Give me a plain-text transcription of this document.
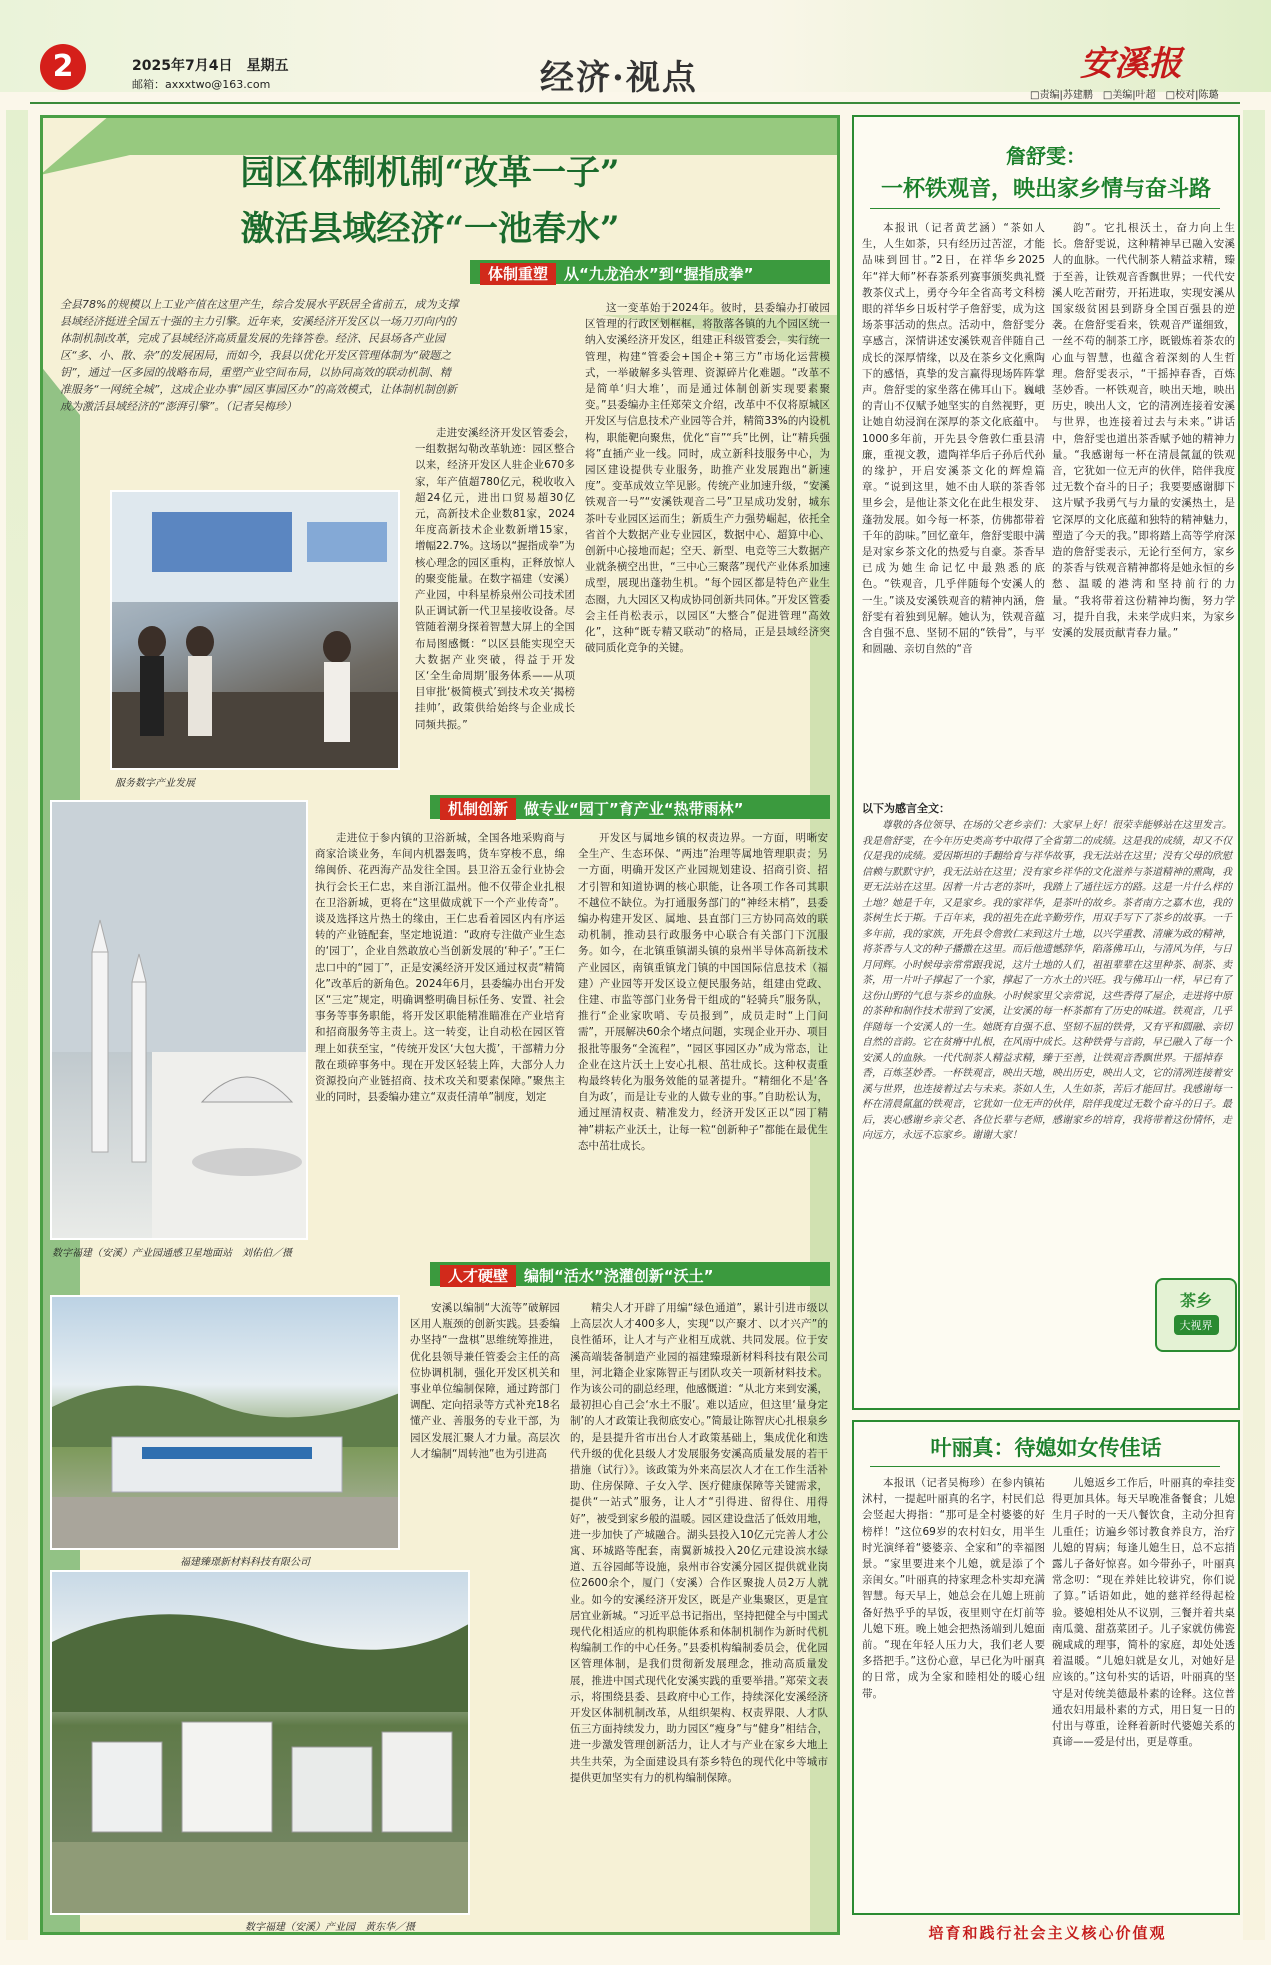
2	2025年7月4日　星期五
邮箱：axxxtwo@163.com	经济·视点	安溪报
□责编|苏建鹏　□美编|叶超　□校对|陈璐
园区体制机制“改革一子”
激活县域经济“一池春水”
全县78%的规模以上工业产值在这里产生，综合发展水平跃居全省前五，成为支撑县域经济挺进全国五十强的主力引擎。近年来，安溪经济开发区以一场刀刃向内的体制机制改革，完成了县域经济高质量发展的先锋答卷。经济、民县场各产业园区“多、小、散、杂”的发展困局，而如今，我县以优化开发区管理体制为“破题之钥”，通过一区多园的战略布局，重塑产业空间布局，以协同高效的联动机制、精准服务“一网统全城”，这成企业办事“园区事园区办”的高效模式，让体制机制创新成为激活县域经济的“澎湃引擎”。（记者吴梅珍）
体制重塑 从“九龙治水”到“握指成拳”
服务数字产业发展

走进安溪经济开发区管委会，一组数据勾勒改革轨迹：园区整合以来，经济开发区人驻企业670多家，年产值超780亿元，税收收入超24亿元，进出口贸易超30亿元，高新技术企业数81家，2024年度高新技术企业数新增15家，增幅22.7%。这场以“握指成拳”为核心理念的园区重构，正释放惊人的聚变能量。在数字福建（安溪）产业园，中科星桥泉州公司技术团队正调试新一代卫星接收设备。尽管随着潮身探着智慧大屏上的全国布局图感慨：“以区县能实现空天大数据产业突破，得益于开发区‘全生命周期’服务体系——从项目审批‘极简模式’到技术攻关‘揭榜挂帅’，政策供给始终与企业成长同频共振。”

这一变革始于2024年。彼时，县委编办打破园区管理的行政区划框框，将散落各镇的九个园区统一纳入安溪经济开发区，组建正科级管委会，实行统一管理，构建“管委会+国企+第三方”市场化运营模式，一举破解多头管理、资源碎片化难题。“改革不是简单‘归大堆’，而是通过体制创新实现要素聚变。”县委编办主任郑荣文介绍，改革中不仅将原城区开发区与信息技术产业园等合并，精简33%的内设机构，职能靶向聚焦，优化“盲”“兵”比例，让“精兵强将”直插产业一线。同时，成立新科技服务中心，为园区建设提供专业服务，助推产业发展跑出“新速度”。变革成效立竿见影。传统产业加速升级，“安溪铁观音一号”“安溪铁观音二号”卫星成功发射，城东茶叶专业园区运而生；新质生产力强势崛起，依托全省首个大数据产业专业园区，数据中心、超算中心、创新中心接地而起；空天、新型、电竞等三大数据产业就条横空出世，“三中心三聚落”现代产业体系加速成型，展现出蓬勃生机。“每个园区都是特色产业生态圈，九大园区又构成协同创新共同体。”开发区管委会主任肖松表示，以园区“大整合”促进管理“高效化”，这种“既专精又联动”的格局，正是县域经济突破同质化竞争的关键。

机制创新 做专业“园丁”育产业“热带雨林”
数字福建（安溪）产业园通感卫星地面站　刘佑伯／摄

走进位于参内镇的卫浴新城，全国各地采购商与商家洽谈业务，车间内机器轰鸣，货车穿梭不息，绵绵闽侨、花西海产品发往全国。县卫浴五金行业协会执行会长王仁忠，来自浙江温州。他不仅带企业扎根在卫浴新城，更将在“这里做成就下一个产业传奇”。谈及选择这片热土的缘由，王仁忠看着园区内有序运转的产业链配套，坚定地说道：“政府专注做产业生态的‘园丁’，企业自然敢放心当创新发展的‘种子’。”王仁忠口中的“园丁”，正是安溪经济开发区通过权责“精简化”改革后的新角色。2024年6月，县委编办出台开发区“三定”规定，明确调整明确目标任务、安置、社会事务等事务职能，将开发区职能精准瞄准在产业培育和招商服务等主责上。这一转变，让自动松在园区管理上如获至宝，“传统开发区‘大包大揽’，干部精力分散在琐碎事务中。现在开发区轻装上阵，大部分人力资源投向产业链招商、技术攻关和要素保障。”聚焦主业的同时，县委编办建立“双责任清单”制度，划定

开发区与属地乡镇的权责边界。一方面，明晰安全生产、生态环保、“两违”治理等属地管理职责；另一方面，明确开发区产业园规划建设、招商引资、招才引智和知道协调的核心职能，让各项工作各司其职不越位不缺位。为打通服务部门的“神经末梢”，县委编办构建开发区、属地、县直部门三方协同高效的联动机制，推动县行政服务中心联合有关部门下沉服务。如今，在北镇重镇湖头镇的泉州半导体高新技术产业园区，南镇重镇龙门镇的中国国际信息技术（福建）产业园等开发区设立便民服务站，组建由党政、住建、市监等部门业务骨干组成的“轻骑兵”服务队，推行“企业家吹哨、专员报到”，成员走时“上门问需”，开展解决60余个堵点问题，实现企业开办、项目报批等服务“全流程”，“园区事园区办”成为常态，让企业在这片沃土上安心扎根、茁壮成长。这种权责重构最终转化为服务效能的显著提升。“精细化不是‘各自为政’，而是让专业的人做专业的事。”自助松认为，通过厘清权责、精准发力，经济开发区正以“园丁精神”耕耘产业沃土，让每一粒“创新种子”都能在最优生态中茁壮成长。

人才硬壁 编制“活水”浇灌创新“沃土”
福建臻璟新材料科技有限公司
数字福建（安溪）产业园　黄东华／摄

安溪以编制“大流等”破解园区用人瓶颈的创新实践。县委编办坚持“一盘棋”思维统筹推进，优化县领导兼任管委会主任的高位协调机制，强化开发区机关和事业单位编制保障，通过跨部门调配、定向招录等方式补充18名懂产业、善服务的专业干部，为园区发展汇聚人才力量。高层次人才编制“周转池”也为引进高

精尖人才开辟了用编“绿色通道”，累计引进市级以上高层次人才400多人，实现“以产聚才、以才兴产”的良性循环，让人才与产业相互成就、共同发展。位于安溪高端装备制造产业园的福建臻璟新材料科技有限公司里，河北籍企业家陈智正与团队攻关一项新材料技术。作为该公司的副总经理，他感慨道：“从北方来到安溪，最初担心自己会‘水土不服’。难以适应，但这里‘量身定制’的人才政策让我彻底安心。”简最让陈智庆心扎根泉乡的，是县提升省市出台人才政策基础上，集成优化和迭代升级的优化县级人才发展服务安溪高质量发展的若干措施（试行）》。该政策为外来高层次人才在工作生活补助、住房保障、子女入学、医疗健康保障等关键需求，提供“一站式”服务，让人才“引得进、留得住、用得好”，被受到家乡般的温暖。园区建设盘活了低效用地，进一步加快了产城融合。湖头县投入10亿元完善人才公寓、环城路等配套，南翼新城投入20亿元建设滨水绿道、五谷园邮等设施，泉州市谷安溪分园区提供就业岗位2600余个，厦门（安溪）合作区聚拢人员2万人就业。如今的安溪经济开发区，既是产业集聚区，更是宜居宜业新城。“习近平总书记指出，坚持把健全与中国式现代化相适应的机构职能体系和体制机制作为新时代机构编制工作的中心任务。”县委机构编制委员会，优化园区管理体制，是我们贯彻新发展理念，推动高质量发展，推进中国式现代化安溪实践的重要举措。”郑荣文表示，将围绕县委、县政府中心工作，持续深化安溪经济开发区体制机制改革，从组织架构、权责界限、人才队伍三方面持续发力，助力园区“瘦身”与“健身”相结合，进一步激发管理创新活力，让人才与产业在家乡大地上共生共荣，为全面建设具有茶乡特色的现代化中等城市提供更加坚实有力的机构编制保障。

詹舒雯：
一杯铁观音，映出家乡情与奋斗路

本报讯（记者黄艺涵）“茶如人生，人生如茶，只有经历过苦涩，才能品味到回甘。”2日，在祥华乡2025年“祥大师”杯春茶系列赛事颁奖典礼暨教茶仪式上，勇夺今年全省高考文科榜眼的祥华乡日坂村学子詹舒雯，成为这场茶事活动的焦点。活动中，詹舒雯分享感言，深情讲述安溪铁观音伴随自己成长的深厚情缘，以及在茶乡文化熏陶下的感悟，真挚的发言赢得现场阵阵掌声。詹舒雯的家坐落在佛耳山下。巍峨的青山不仅赋予她坚实的自然视野，更让她自幼浸润在深厚的茶文化底蕴中。1000多年前，开先县令詹敦仁重县清廉，重视文教，遗陶祥华后子孙后代孙的缘护，开启安溪茶文化的辉煌篇章。“说到这里，她不由人联的茶香邻里乡会，是他让茶文化在此生根发芽、蓬勃发展。如今每一杯茶，仿佛都带着千年的韵味。”回忆童年，詹舒雯眼中满是对家乡茶文化的热爱与自豪。茶香早已成为她生命记忆中最熟悉的底色。“铁观音，几乎伴随每个安溪人的一生。”谈及安溪铁观音的精神内涵，詹舒雯有着独到见解。她认为，铁观音蕴含自强不息、坚韧不屈的“铁骨”，与平和圆融、亲切自然的“音

韵”。它扎根沃土，奋力向上生长。詹舒雯说，这种精神早已融入安溪人的血脉。一代代制茶人精益求精，臻于至善，让铁观音香飘世界；一代代安溪人吃苦耐劳，开拓进取，实现安溪从国家级贫困县到跻身全国百强县的逆袭。在詹舒雯看来，铁观音严谨细致，一丝不苟的制茶工序，既锻炼着茶农的心血与智慧，也蕴含着深刻的人生哲理。詹舒雯表示，“干摇掉春香，百炼茎妙香。一杯铁观音，映出天地，映出历史，映出人文，它的清冽连接着安溪与世界，也连接着过去与未来。”讲话中，詹舒雯也道出茶香赋予她的精神力量。“我感谢每一杯在清晨氤氲的铁观音，它犹如一位无声的伙伴，陪伴我度过无数个奋斗的日子；我要要感谢脚下这片赋予我勇气与力量的安溪热土，是它深厚的文化底蕴和独特的精神魅力，塑造了今天的我。”即将踏上高等学府深造的詹舒雯表示，无论行至何方，家乡的茶香与铁观音精神都将是她永恒的乡愁、温暖的港湾和坚持前行的力量。“我将带着这份精神均衡，努力学习，提升自我，未来学成归来，为家乡安溪的发展贡献青春力量。”

以下为感言全文：

尊敬的各位领导、在场的父老乡亲们：大家早上好！很荣幸能够站在这里发言。我是詹舒雯，在今年历史类高考中取得了全省第二的成绩。这是我的成绩，却又不仅仅是我的成绩。爱因斯坦的手翻给育与祥华故事，我无法站在这里；没有父母的欣慰信赖与默默守护，我无法站在这里；没有家乡祥华的文化滋养与茶道精神的熏陶，我更无法站在这里。因着一片古老的茶叶，我踏上了通往远方的路。这是一片什么样的土地？她是千年，又是家乡。我的家祥华，是茶叶的故乡。茶者南方之嘉木也，我的茶树生长于斯。千百年来，我的祖先在此辛勤劳作，用双手写下了茶乡的故事。一千多年前，我的家族，开先县令詹敦仁来到这片土地，以兴学重教、清廉为政的精神，将茶香与人文的种子播撒在这里。而后他遗憾辞华，陷落佛耳山，与清风为伴，与日月同辉。小时候母亲常常跟我说，这片土地的人们，祖祖辈辈在这里种茶、制茶、卖茶，用一片叶子撑起了一个家，撑起了一方水土的兴旺。我与佛耳山一样，早已有了这份山野的气息与茶乡的血脉。小时候家里父亲常说，这些香得了屋企，走进将中原的茶种和制作技术带到了安溪，让安溪的每一杯茶都有了历史的味道。铁观音，几乎伴随每一个安溪人的一生。她既有自强不息、坚韧不屈的铁骨，又有平和圆融、亲切自然的音韵。它在贫瘠中扎根，在风雨中成长。这种铁骨与音韵，早已融入了每一个安溪人的血脉。一代代制茶人精益求精，臻于至善，让铁观音香飘世界。干摇掉春香，百炼茎妙香。一杯铁观音，映出天地，映出历史，映出人文，它的清冽连接着安溪与世界，也连接着过去与未来。茶如人生，人生如茶，苦后才能回甘。我感谢每一杯在清晨氤氲的铁观音，它犹如一位无声的伙伴，陪伴我度过无数个奋斗的日子。最后，衷心感谢乡亲父老、各位长辈与老师，感谢家乡的培育，我将带着这份情怀，走向远方，永远不忘家乡。谢谢大家！

茶乡
大视界
叶丽真：待媳如女传佳话

本报讯（记者吴梅珍）在参内镇祐沭村，一提起叶丽真的名字，村民们总会竖起大拇指：“那可是全村婆婆的好榜样！”这位69岁的农村妇女，用半生时光演绎着“婆婆亲、全家和”的幸福图景。“家里要进来个儿媳，就是添了个亲闺女。”叶丽真的持家理念朴实却充满智慧。每天早上，她总会在儿媳上班前备好热乎乎的早饭，夜里则守在灯前等儿媳下班。晚上她会把热汤端到儿媳面前。“现在年轻人压力大，我们老人要多搭把手。”这份心意，早已化为叶丽真的日常，成为全家和睦相处的暖心纽带。

儿媳返乡工作后，叶丽真的牵挂变得更加具体。每天早晚准备餐食；儿媳生月子时的一天八餐饮食，主动分担育儿重任；访遍乡邻讨教食养良方，治疗儿媳的胃病；每逢儿媳生日，总不忘捎露儿子备好惊喜。如今带孙子，叶丽真常念叨：“现在养娃比较讲究，你们说了算。”话语如此，她的慈祥经得起检验。婆媳相处从不议别，三餐并着共桌南瓜羹、甜荔菜团子。儿子家就仿佛瓷碗咸咸的理事，简朴的家庭，却处处透着温暖。“儿媳妇就是女儿，对她好是应该的。”这句朴实的话语，叶丽真的坚守是对传统美德最朴素的诠释。这位普通农妇用最朴素的方式，用日复一日的付出与尊重，诠释着新时代婆媳关系的真谛——爱是付出，更是尊重。

培育和践行社会主义核心价值观
